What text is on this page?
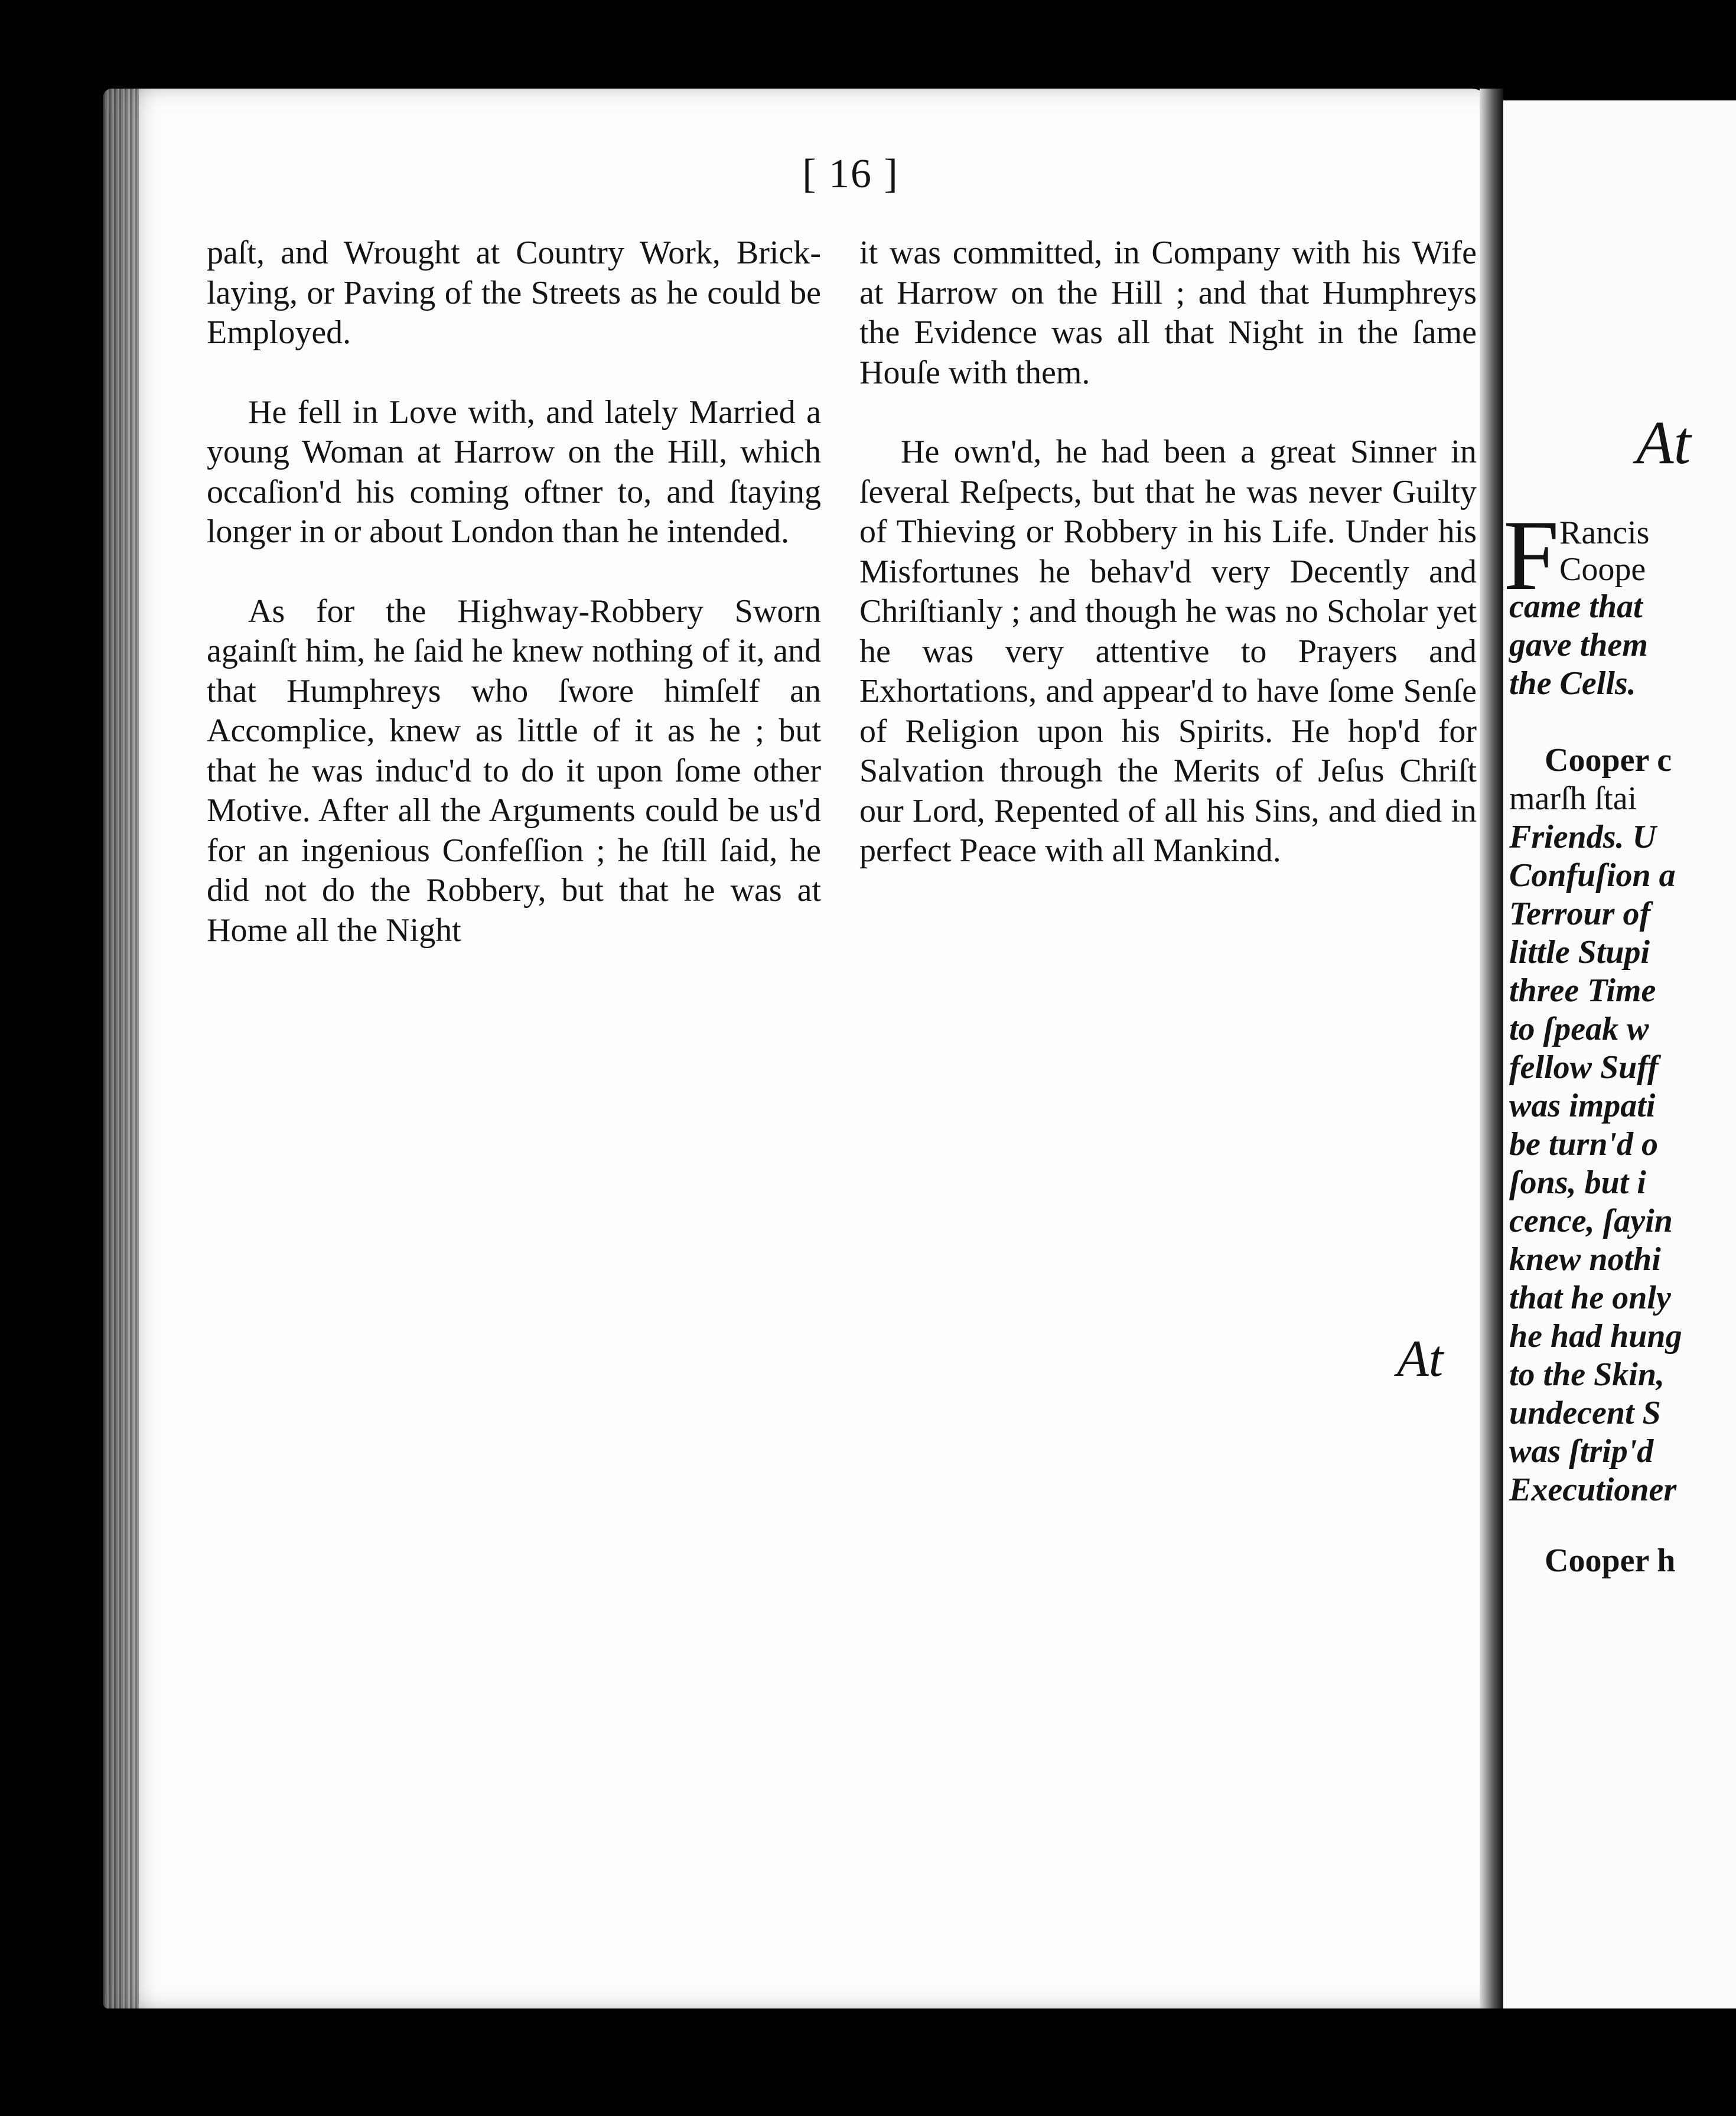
[ 16 ]

paſt, and Wrought at Country Work, Brick-laying, or Paving of the Streets as he could be Employed.

He fell in Love with, and lately Married a young Woman at Harrow on the Hill, which occaſion'd his coming oftner to, and ſtaying longer in or about London than he intended.

As for the Highway-Robbery Sworn againſt him, he ſaid he knew nothing of it, and that Humphreys who ſwore himſelf an Accomplice, knew as little of it as he ; but that he was induc'd to do it upon ſome other Motive. After all the Arguments could be us'd for an ingenious Confeſſion ; he ſtill ſaid, he did not do the Robbery, but that he was at Home all the Night

it was committed, in Company with his Wife at Harrow on the Hill ; and that Humphreys the Evidence was all that Night in the ſame Houſe with them.

He own'd, he had been a great Sinner in ſeveral Reſpects, but that he was never Guilty of Thieving or Robbery in his Life. Under his Misfortunes he behav'd very Decently and Chriſtianly ; and though he was no Scholar yet he was very attentive to Prayers and Exhortations, and appear'd to have ſome Senſe of Religion upon his Spirits. He hop'd for Salvation through the Merits of Jeſus Chriſt our Lord, Repented of all his Sins, and died in perfect Peace with all Mankind.

At
At
F Rancis
Coope
came that
gave them
the Cells.
Cooper c
marſh ſtai
Friends. U
Confuſion a
Terrour of
little Stupi
three Time
to ſpeak w
fellow Suff
was impati
be turn'd o
ſons, but i
cence, ſayin
knew nothi
that he only
he had hung
to the Skin,
undecent S
was ſtrip'd
Executioner
Cooper h
